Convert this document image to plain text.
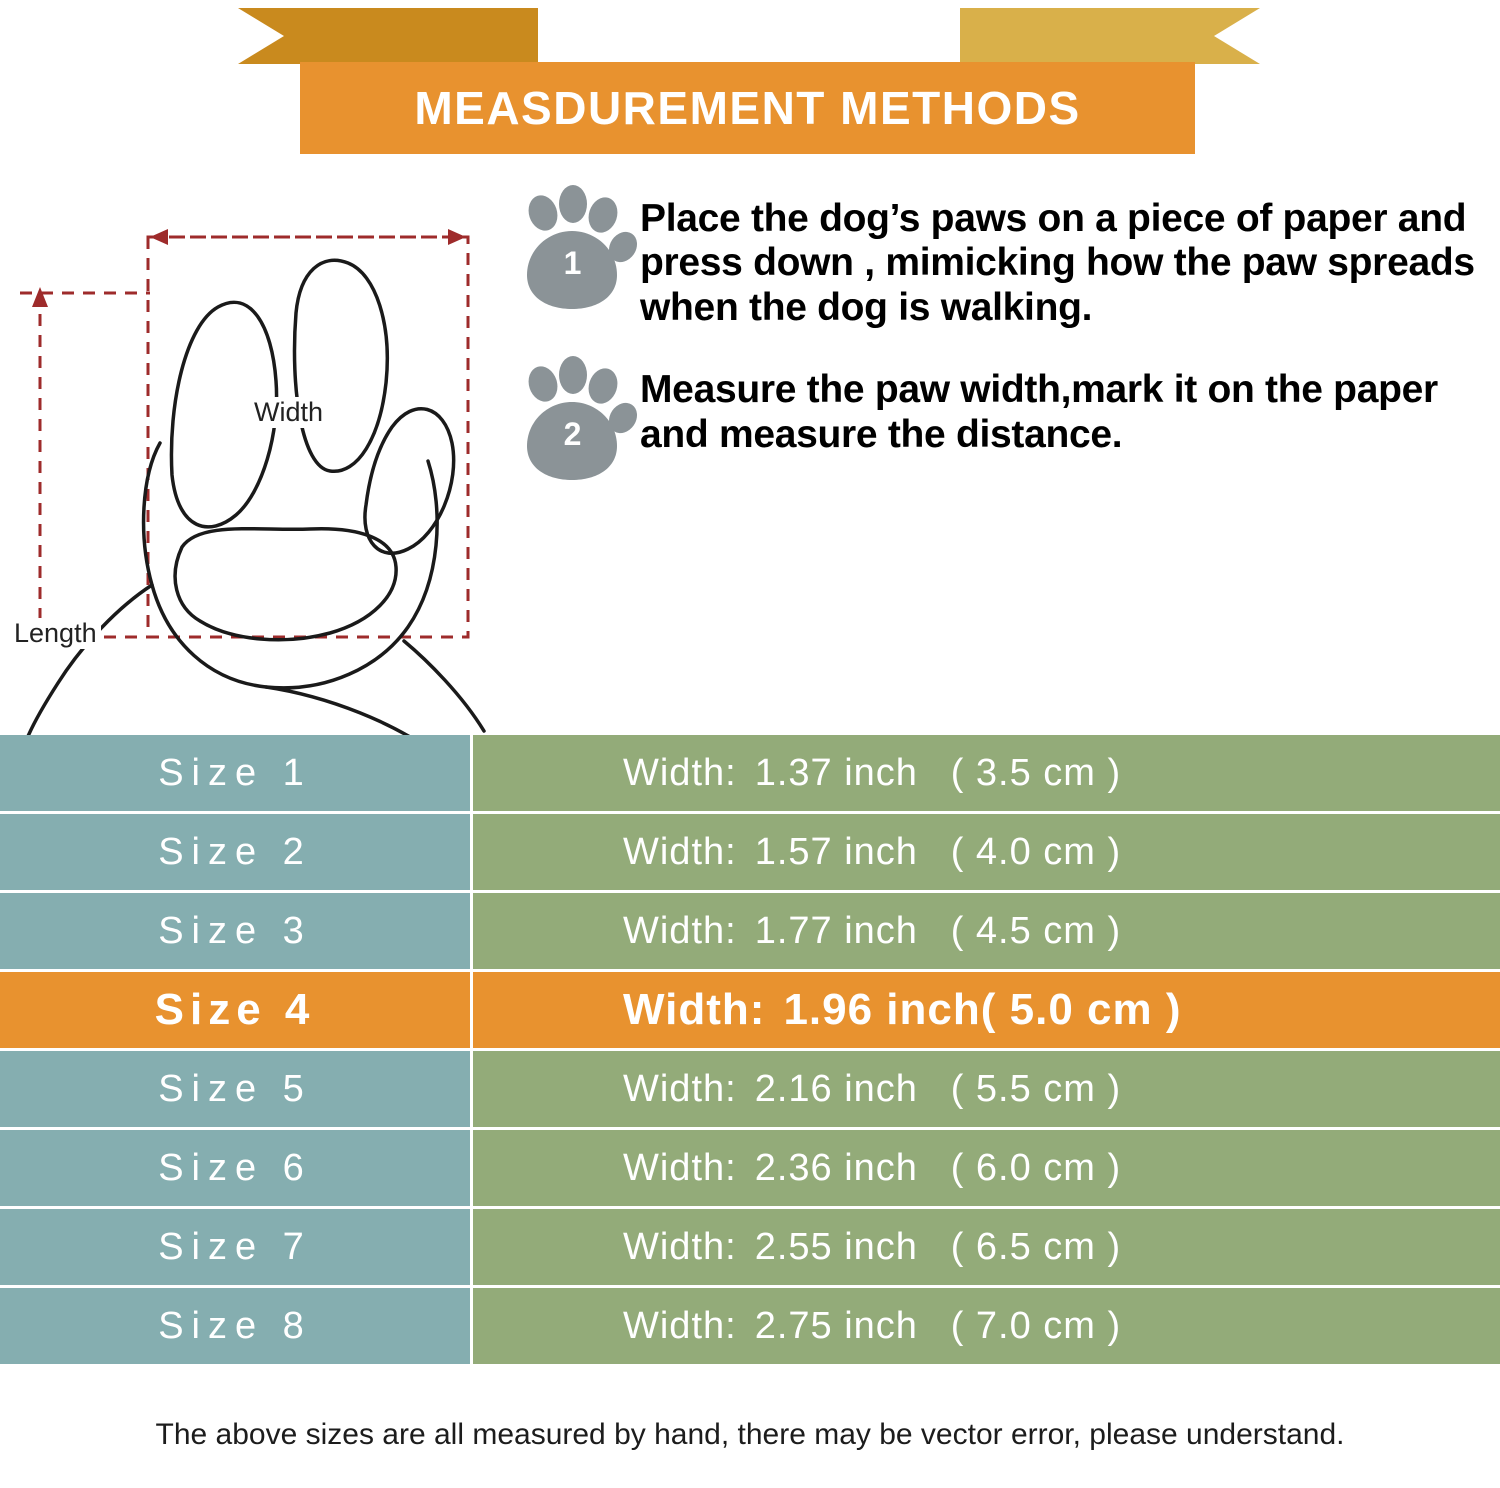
MEASDUREMENT METHODS
Width
Length
1
Place the dog’s paws on a piece of paper and press down , mimicking how the paw spreads when the dog is walking.
2
Measure the paw width,mark it on the paper and measure the distance.
Size 1	Width: 1.37 inch ( 3.5 cm )
Size 2	Width: 1.57 inch ( 4.0 cm )
Size 3	Width: 1.77 inch ( 4.5 cm )
Size 4	Width: 1.96 inch( 5.0 cm )
Size 5	Width: 2.16 inch ( 5.5 cm )
Size 6	Width: 2.36 inch ( 6.0 cm )
Size 7	Width: 2.55 inch ( 6.5 cm )
Size 8	Width: 2.75 inch ( 7.0 cm )
The above sizes are all measured by hand, there may be vector error, please understand.
